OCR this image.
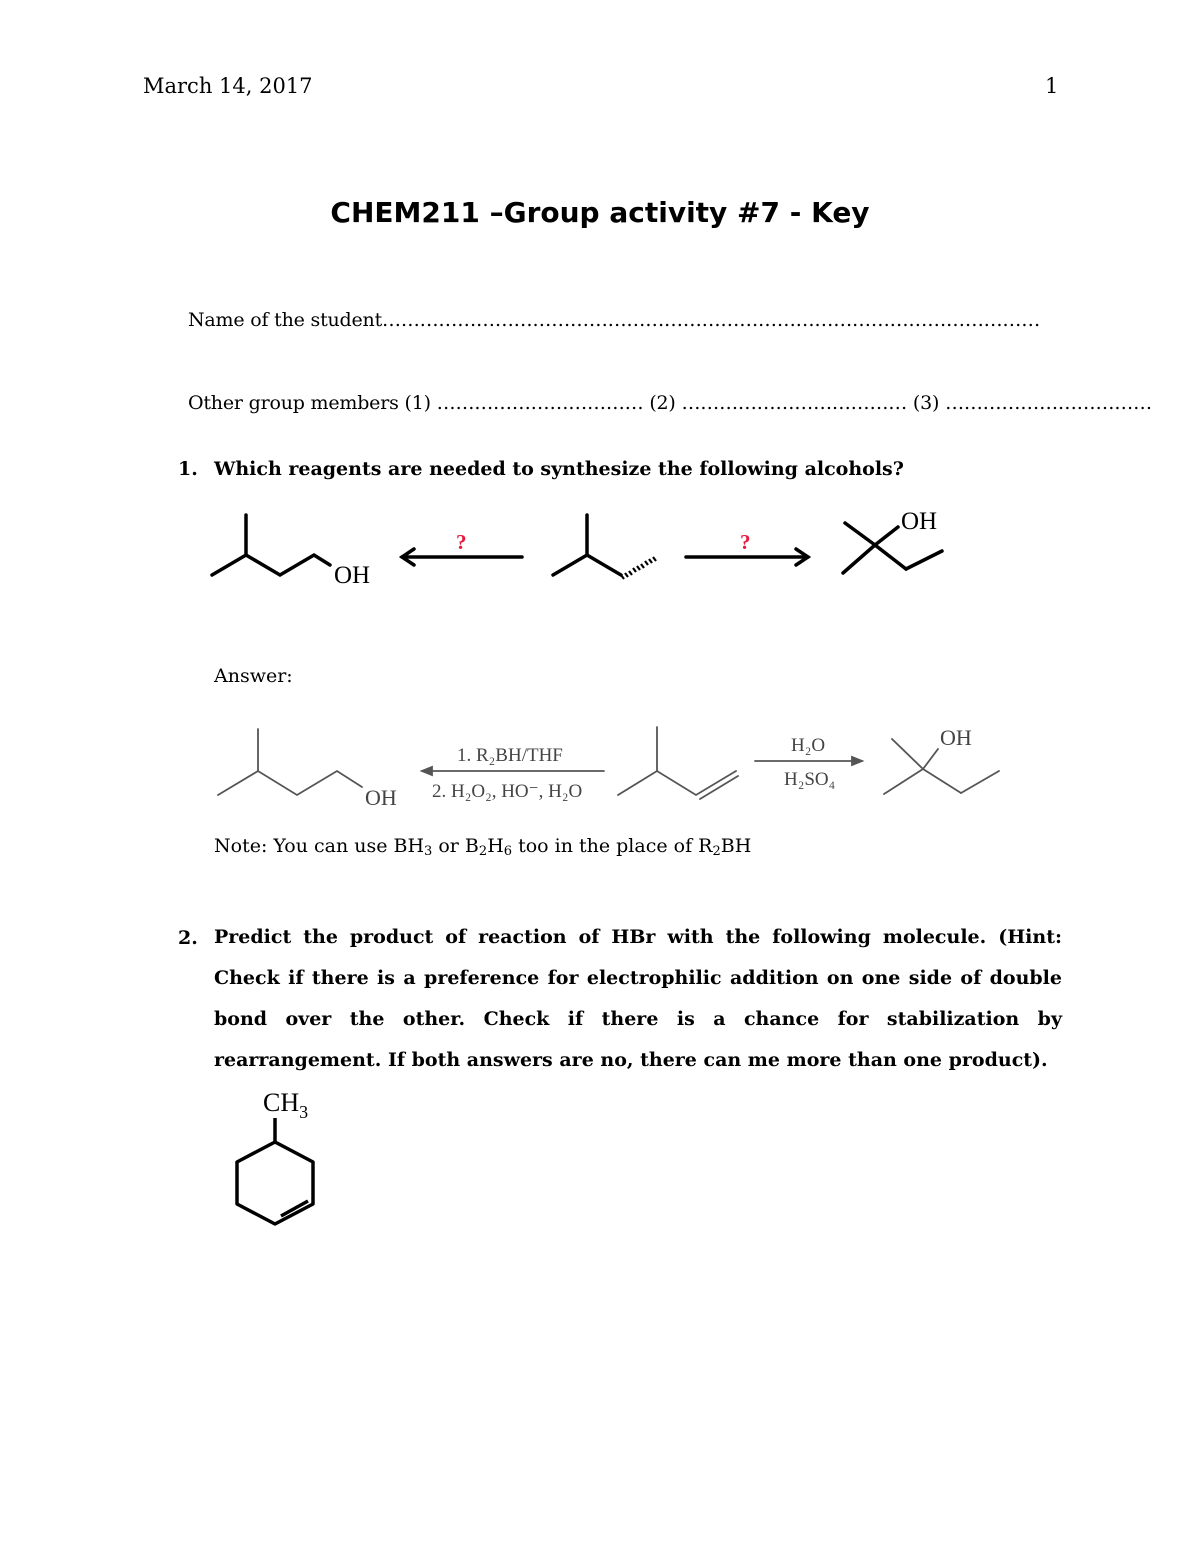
March 14, 2017	1
CHEM211 –Group activity #7 - Key
Name of the student……………………………………………………………………………………………
Other group members (1) …………………………… (2) ……………………………… (3) ……………………………
1. Which reagents are needed to synthesize the following alcohols?
OH
OH
?	?
Answer:
OH
OH
1. R₂BH/THF
2. H₂O₂, HO⁻, H₂O
H₂O
H₂SO₄
Note: You can use $BH_3$ or $B_2H_6$ too in the place of $R_2BH$
2. Predict the product of reaction of HBr with the following molecule. (Hint: Check if there is a preference for electrophilic addition on one side of double bond over the other. Check if there is a chance for stabilization by rearrangement. If both answers are no, there can me more than one product).
$CH_3$
